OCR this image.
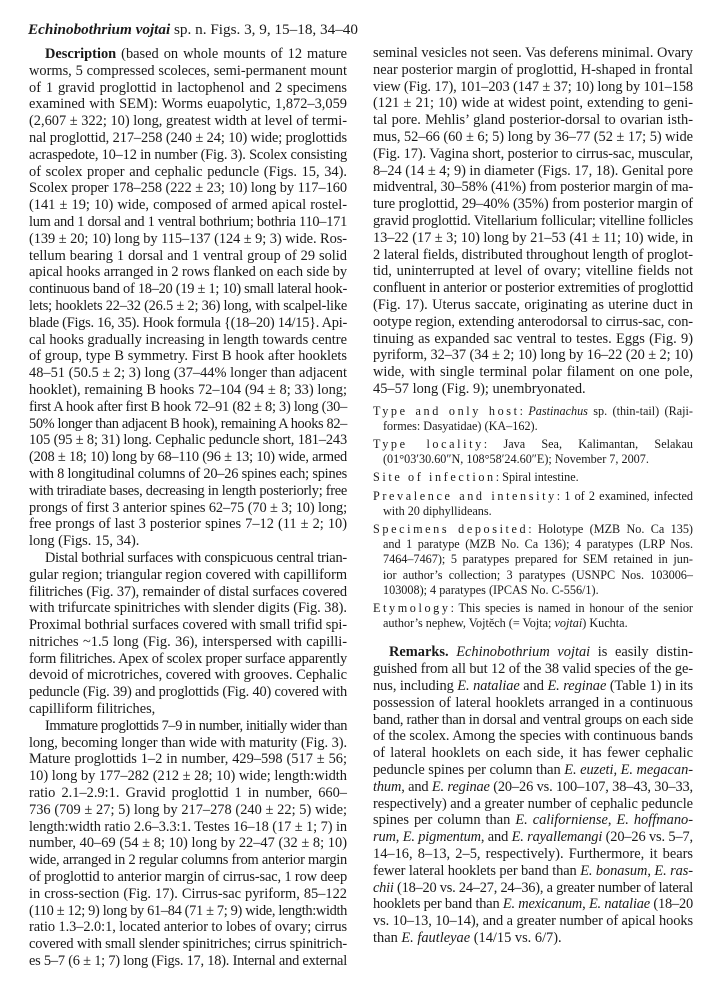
Echinobothrium vojtai sp. n. Figs. 3, 9, 15–18, 34–40
Description (based on whole mounts of 12 mature
worms, 5 compressed scoleces, semi-permanent mount
of 1 gravid proglottid in lactophenol and 2 specimens
examined with SEM): Worms euapolytic, 1,872–3,059
(2,607 ± 322; 10) long, greatest width at level of termi-
nal proglottid, 217–258 (240 ± 24; 10) wide; proglottids
acraspedote, 10–12 in number (Fig. 3). Scolex consisting
of scolex proper and cephalic peduncle (Figs. 15, 34).
Scolex proper 178–258 (222 ± 23; 10) long by 117–160
(141 ± 19; 10) wide, composed of armed apical rostel-
lum and 1 dorsal and 1 ventral bothrium; bothria 110–171
(139 ± 20; 10) long by 115–137 (124 ± 9; 3) wide. Ros-
tellum bearing 1 dorsal and 1 ventral group of 29 solid
apical hooks arranged in 2 rows flanked on each side by
continuous band of 18–20 (19 ± 1; 10) small lateral hook-
lets; hooklets 22–32 (26.5 ± 2; 36) long, with scalpel-like
blade (Figs. 16, 35). Hook formula {(18–20) 14/15}. Api-
cal hooks gradually increasing in length towards centre
of group, type B symmetry. First B hook after hooklets
48–51 (50.5 ± 2; 3) long (37–44% longer than adjacent
hooklet), remaining B hooks 72–104 (94 ± 8; 33) long;
first A hook after first B hook 72–91 (82 ± 8; 3) long (30–
50% longer than adjacent B hook), remaining A hooks 82–
105 (95 ± 8; 31) long. Cephalic peduncle short, 181–243
(208 ± 18; 10) long by 68–110 (96 ± 13; 10) wide, armed
with 8 longitudinal columns of 20–26 spines each; spines
with triradiate bases, decreasing in length posteriorly; free
prongs of first 3 anterior spines 62–75 (70 ± 3; 10) long;
free prongs of last 3 posterior spines 7–12 (11 ± 2; 10)
long (Figs. 15, 34).
Distal bothrial surfaces with conspicuous central trian-
gular region; triangular region covered with capilliform
filitriches (Fig. 37), remainder of distal surfaces covered
with trifurcate spinitriches with slender digits (Fig. 38).
Proximal bothrial surfaces covered with small trifid spi-
nitriches ~1.5 long (Fig. 36), interspersed with capilli-
form filitriches. Apex of scolex proper surface apparently
devoid of microtriches, covered with grooves. Cephalic
peduncle (Fig. 39) and proglottids (Fig. 40) covered with
capilliform filitriches,
Immature proglottids 7–9 in number, initially wider than
long, becoming longer than wide with maturity (Fig. 3).
Mature proglottids 1–2 in number, 429–598 (517 ± 56;
10) long by 177–282 (212 ± 28; 10) wide; length:width
ratio 2.1–2.9:1. Gravid proglottid 1 in number, 660–
736 (709 ± 27; 5) long by 217–278 (240 ± 22; 5) wide;
length:width ratio 2.6–3.3:1. Testes 16–18 (17 ± 1; 7) in
number, 40–69 (54 ± 8; 10) long by 22–47 (32 ± 8; 10)
wide, arranged in 2 regular columns from anterior margin
of proglottid to anterior margin of cirrus-sac, 1 row deep
in cross-section (Fig. 17). Cirrus-sac pyriform, 85–122
(110 ± 12; 9) long by 61–84 (71 ± 7; 9) wide, length:width
ratio 1.3–2.0:1, located anterior to lobes of ovary; cirrus
covered with small slender spinitriches; cirrus spinitrich-
es 5–7 (6 ± 1; 7) long (Figs. 17, 18). Internal and external
seminal vesicles not seen. Vas deferens minimal. Ovary
near posterior margin of proglottid, H-shaped in frontal
view (Fig. 17), 101–203 (147 ± 37; 10) long by 101–158
(121 ± 21; 10) wide at widest point, extending to geni-
tal pore. Mehlis’ gland posterior-dorsal to ovarian isth-
mus, 52–66 (60 ± 6; 5) long by 36–77 (52 ± 17; 5) wide
(Fig. 17). Vagina short, posterior to cirrus-sac, muscular,
8–24 (14 ± 4; 9) in diameter (Figs. 17, 18). Genital pore
midventral, 30–58% (41%) from posterior margin of ma-
ture proglottid, 29–40% (35%) from posterior margin of
gravid proglottid. Vitellarium follicular; vitelline follicles
13–22 (17 ± 3; 10) long by 21–53 (41 ± 11; 10) wide, in
2 lateral fields, distributed throughout length of proglot-
tid, uninterrupted at level of ovary; vitelline fields not
confluent in anterior or posterior extremities of proglottid
(Fig. 17). Uterus saccate, originating as uterine duct in
ootype region, extending anterodorsal to cirrus-sac, con-
tinuing as expanded sac ventral to testes. Eggs (Fig. 9)
pyriform, 32–37 (34 ± 2; 10) long by 16–22 (20 ± 2; 10)
wide, with single terminal polar filament on one pole,
45–57 long (Fig. 9); unembryonated.
Type and only host: Pastinachus sp. (thin-tail) (Raji-
formes: Dasyatidae) (KA–162).
Type locality: Java Sea, Kalimantan, Selakau
(01°03′30.60″N, 108°58′24.60″E); November 7, 2007.
Site of infection: Spiral intestine.
Prevalence and intensity: 1 of 2 examined, infected
with 20 diphyllideans.
Specimens deposited: Holotype (MZB No. Ca 135)
and 1 paratype (MZB No. Ca 136); 4 paratypes (LRP Nos.
7464–7467); 5 paratypes prepared for SEM retained in jun-
ior author’s collection; 3 paratypes (USNPC Nos. 103006–
103008); 4 paratypes (IPCAS No. C-556/1).
Etymology: This species is named in honour of the senior
author’s nephew, Vojtěch (= Vojta; vojtai) Kuchta.
Remarks. Echinobothrium vojtai is easily distin-
guished from all but 12 of the 38 valid species of the ge-
nus, including E. nataliae and E. reginae (Table 1) in its
possession of lateral hooklets arranged in a continuous
band, rather than in dorsal and ventral groups on each side
of the scolex. Among the species with continuous bands
of lateral hooklets on each side, it has fewer cephalic
peduncle spines per column than E. euzeti, E. megacan-
thum, and E. reginae (20–26 vs. 100–107, 38–43, 30–33,
respectively) and a greater number of cephalic peduncle
spines per column than E. californiense, E. hoffmano-
rum, E. pigmentum, and E. rayallemangi (20–26 vs. 5–7,
14–16, 8–13, 2–5, respectively). Furthermore, it bears
fewer lateral hooklets per band than E. bonasum, E. ras-
chii (18–20 vs. 24–27, 24–36), a greater number of lateral
hooklets per band than E. mexicanum, E. nataliae (18–20
vs. 10–13, 10–14), and a greater number of apical hooks
than E. fautleyae (14/15 vs. 6/7).
